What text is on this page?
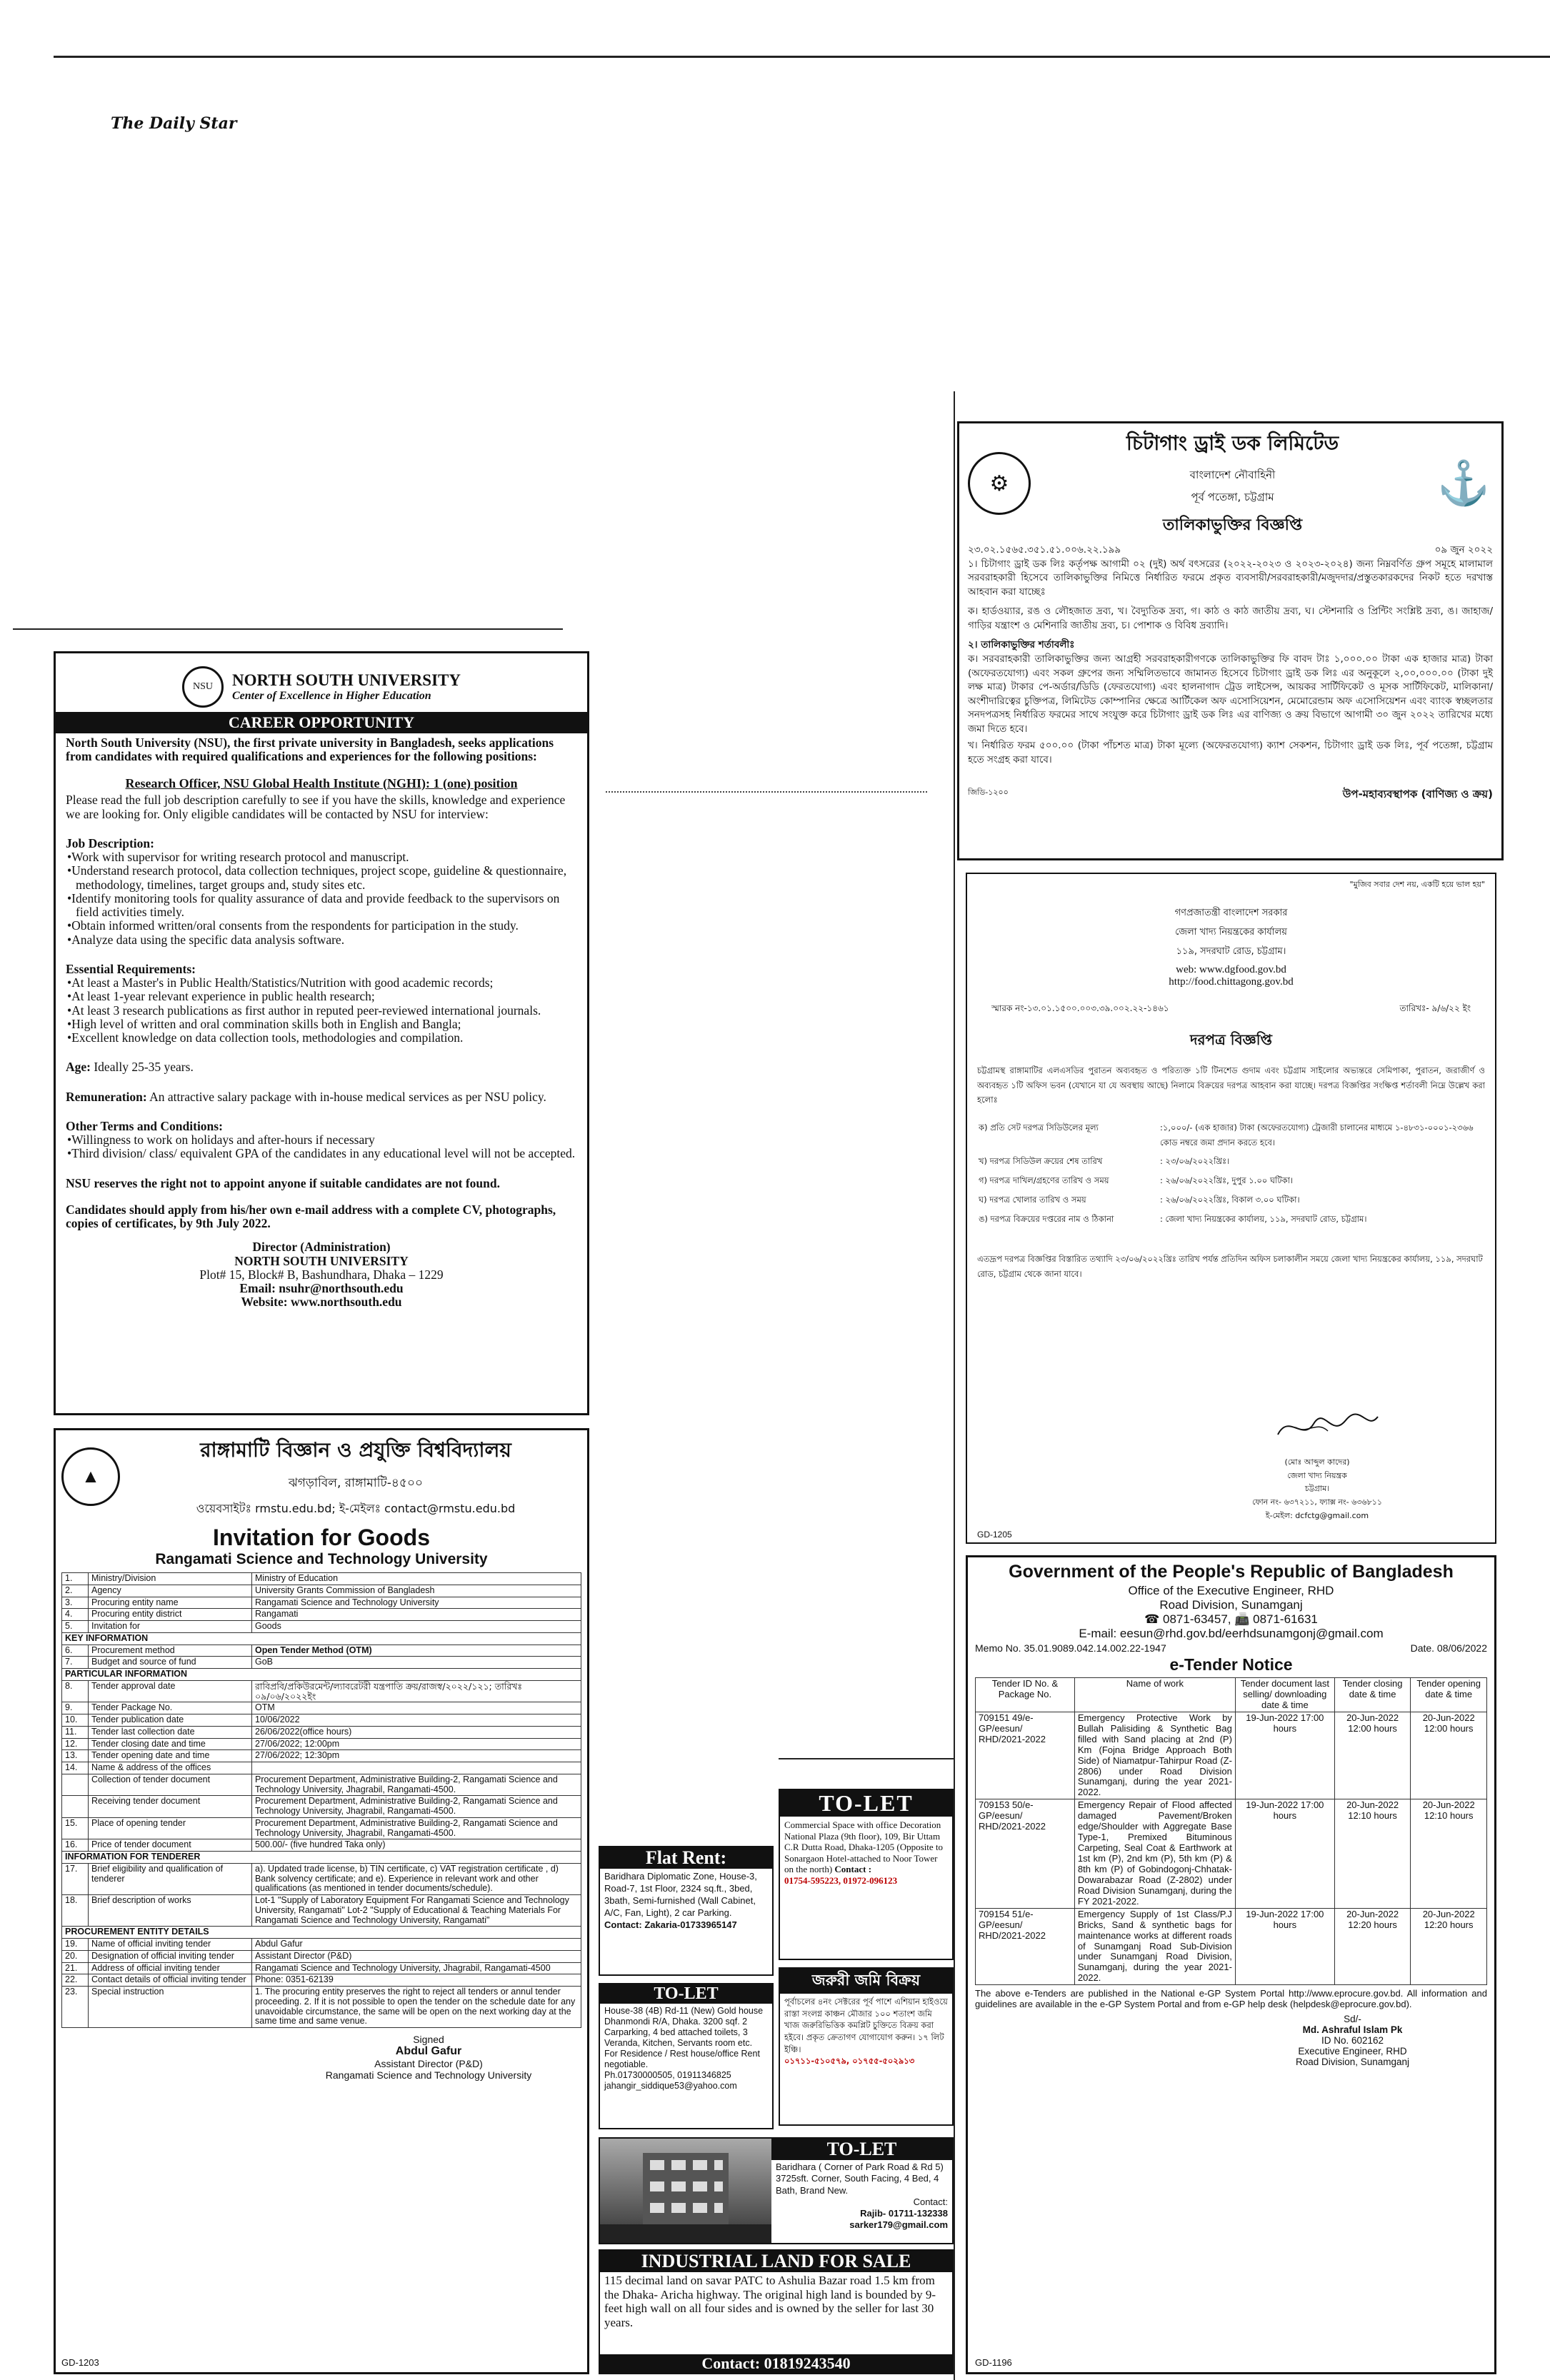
The Daily Star
NSU	NORTH SOUTH UNIVERSITY
Center of Excellence in Higher Education
CAREER OPPORTUNITY

North South University (NSU), the first private university in Bangladesh, seeks applications from candidates with required qualifications and experiences for the following positions:

Research Officer, NSU Global Health Institute (NGHI): 1 (one) position

Please read the full job description carefully to see if you have the skills, knowledge and experience we are looking for. Only eligible candidates will be contacted by NSU for interview:

Job Description:

•Work with supervisor for writing research protocol and manuscript.

•Understand research protocol, data collection techniques, project scope, guideline & questionnaire, methodology, timelines, target groups and, study sites etc.

•Identify monitoring tools for quality assurance of data and provide feedback to the supervisors on field activities timely.

•Obtain informed written/oral consents from the respondents for participation in the study.

•Analyze data using the specific data analysis software.

Essential Requirements:

•At least a Master's in Public Health/Statistics/Nutrition with good academic records;

•At least 1-year relevant experience in public health research;

•At least 3 research publications as first author in reputed peer-reviewed international journals.

•High level of written and oral commination skills both in English and Bangla;

•Excellent knowledge on data collection tools, methodologies and compilation.

Age: Ideally 25-35 years.

Remuneration: An attractive salary package with in-house medical services as per NSU policy.

Other Terms and Conditions:

•Willingness to work on holidays and after-hours if necessary

•Third division/ class/ equivalent GPA of the candidates in any educational level will not be accepted.

NSU reserves the right not to appoint anyone if suitable candidates are not found.

Candidates should apply from his/her own e-mail address with a complete CV, photographs, copies of certificates, by 9th July 2022.

Director (Administration)

NORTH SOUTH UNIVERSITY

Plot# 15, Block# B, Bashundhara, Dhaka – 1229

Email: nsuhr@northsouth.edu

Website: www.northsouth.edu

▲
রাঙ্গামাটি বিজ্ঞান ও প্রযুক্তি বিশ্ববিদ্যালয়
ঝগড়াবিল, রাঙ্গামাটি-৪৫০০
ওয়েবসাইটঃ rmstu.edu.bd; ই-মেইলঃ contact@rmstu.edu.bd
Invitation for Goods
Rangamati Science and Technology University
1.	Ministry/Division	Ministry of Education
2.	Agency	University Grants Commission of Bangladesh
3.	Procuring entity name	Rangamati Science and Technology University
4.	Procuring entity district	Rangamati
5.	Invitation for	Goods
KEY INFORMATION		
6.	Procurement method	Open Tender Method (OTM)
7.	Budget and source of fund	GoB
PARTICULAR INFORMATION		
8.	Tender approval date	রাবিপ্রবি/প্রকিউরমেন্ট/ল্যাবরেটরী যন্ত্রপাতি ক্রয়/রাজস্ব/২০২২/১২১; তারিখঃ ০৯/০৬/২০২২ইং
9.	Tender Package No.	OTM
10.	Tender publication date	10/06/2022
11.	Tender last collection date	26/06/2022(office hours)
12.	Tender closing date and time	27/06/2022; 12:00pm
13.	Tender opening date and time	27/06/2022; 12:30pm
14.	Name & address of the offices	
	Collection of tender document	Procurement Department, Administrative Building-2, Rangamati Science and Technology University, Jhagrabil, Rangamati-4500.
	Receiving tender document	Procurement Department, Administrative Building-2, Rangamati Science and Technology University, Jhagrabil, Rangamati-4500.
15.	Place of opening tender	Procurement Department, Administrative Building-2, Rangamati Science and Technology University, Jhagrabil, Rangamati-4500.
16.	Price of tender document	500.00/- (five hundred Taka only)
INFORMATION FOR TENDERER		
17.	Brief eligibility and qualification of tenderer	a). Updated trade license, b) TIN certificate, c) VAT registration certificate , d) Bank solvency certificate; and e). Experience in relevant work and other qualifications (as mentioned in tender documents/schedule).
18.	Brief description of works	Lot-1 "Supply of Laboratory Equipment For Rangamati Science and Technology University, Rangamati" Lot-2 "Supply of Educational & Teaching Materials For Rangamati Science and Technology University, Rangamati"
PROCUREMENT ENTITY DETAILS		
19.	Name of official inviting tender	Abdul Gafur
20.	Designation of official inviting tender	Assistant Director (P&D)
21.	Address of official inviting tender	Rangamati Science and Technology University, Jhagrabil, Rangamati-4500
22.	Contact details of official inviting tender	Phone: 0351-62139
23.	Special instruction	1. The procuring entity preserves the right to reject all tenders or annul tender proceeding. 2. If it is not possible to open the tender on the schedule date for any unavoidable circumstance, the same will be open on the next working day at the same time and same venue.

Signed

Abdul Gafur

Assistant Director (P&D)

Rangamati Science and Technology University

GD-1203
⚙
চিটাগাং ড্রাই ডক লিমিটেড
বাংলাদেশ নৌবাহিনী
পূর্ব পতেঙ্গা, চট্টগ্রাম
তালিকাভুক্তির বিজ্ঞপ্তি
⚓
২৩.০২.১৫৬৫.৩৫১.৫১.০০৬.২২.১৯৯	০৯ জুন ২০২২

১। চিটাগাং ড্রাই ডক লিঃ কর্তৃপক্ষ আগামী ০২ (দুই) অর্থ বৎসরের (২০২২-২০২৩ ও ২০২৩-২০২৪) জন্য নিম্নবর্ণিত গ্রুপ সমূহে মালামাল সরবরাহকারী হিসেবে তালিকাভুক্তির নিমিত্তে নির্ধারিত ফরমে প্রকৃত ব্যবসায়ী/সরবরাহকারী/মজুদদার/প্রস্তুতকারকদের নিকট হতে দরখাস্ত আহবান করা যাচ্ছেঃ

ক। হার্ডওয়্যার, রঙ ও লৌহজাত দ্রব্য, খ। বৈদ্যুতিক দ্রব্য, গ। কাঠ ও কাঠ জাতীয় দ্রব্য, ঘ। স্টেশনারি ও প্রিন্টিং সংশ্লিষ্ট দ্রব্য, ঙ। জাহাজ/গাড়ির যন্ত্রাংশ ও মেশিনারি জাতীয় দ্রব্য, চ। পোশাক ও বিবিধ দ্রব্যাদি।

২। তালিকাভুক্তির শর্তাবলীঃ

ক। সরবরাহকারী তালিকাভুক্তির জন্য আগ্রহী সরবরাহকারীগণকে তালিকাভুক্তির ফি বাবদ টাঃ ১,০০০.০০ টাকা এক হাজার মাত্র) টাকা (অফেরতযোগ্য) এবং সকল গ্রুপের জন্য সম্মিলিতভাবে জামানত হিসেবে চিটাগাং ড্রাই ডক লিঃ এর অনুকূলে ২,০০,০০০.০০ (টাকা দুই লক্ষ মাত্র) টাকার পে-অর্ডার/ডিডি (ফেরতযোগ্য) এবং হালনাগাদ ট্রেড লাইসেন্স, আয়কর সার্টিফিকেট ও মূসক সার্টিফিকেট, মালিকানা/অংশীদারিত্বের চুক্তিপত্র, লিমিটেড কোম্পানির ক্ষেত্রে আর্টিকেল অফ এসোসিয়েশন, মেমোরেন্ডাম অফ এসোসিয়েশন এবং ব্যাংক স্বচ্ছলতার সনদপত্রসহ নির্ধারিত ফরমের সাথে সংযুক্ত করে চিটাগাং ড্রাই ডক লিঃ এর বাণিজ্য ও ক্রয় বিভাগে আগামী ৩০ জুন ২০২২ তারিখের মধ্যে জমা দিতে হবে।

খ। নির্ধারিত ফরম ৫০০.০০ (টাকা পাঁচশত মাত্র) টাকা মূল্যে (অফেরতযোগ্য) ক্যাশ সেকশন, চিটাগাং ড্রাই ডক লিঃ, পূর্ব পতেঙ্গা, চট্টগ্রাম হতে সংগ্রহ করা যাবে।

জিডি-১২০০	উপ-মহাব্যবস্থাপক (বাণিজ্য ও ক্রয়)
"মুজিব সবার দেশ নয়, একটি হয়ে ভাল হয়"
গণপ্রজাতন্ত্রী বাংলাদেশ সরকার
জেলা খাদ্য নিয়ন্ত্রকের কার্যালয়
১১৯, সদরঘাট রোড, চট্টগ্রাম।
web: www.dgfood.gov.bd
http://food.chittagong.gov.bd
স্মারক নং-১৩.০১.১৫০০.০০৩.৩৯.০০২.২২-১৪৬১	তারিখঃ- ৯/৬/২২ ইং
দরপত্র বিজ্ঞপ্তি

চট্টগ্রামস্থ রাঙ্গামাটির এলএসডির পুরাতন অব্যবহৃত ও পরিত্যক্ত ১টি টিনশেড গুদাম এবং চট্টগ্রাম সাইলোর অভ্যন্তরে সেমিপাকা, পুরাতন, জরাজীর্ণ ও অব্যবহৃত ১টি অফিস ভবন (যেখানে যা যে অবস্থায় আছে) নিলামে বিক্রয়ের দরপত্র আহবান করা যাচ্ছে। দরপত্র বিজ্ঞপ্তির সংক্ষিপ্ত শর্তাবলী নিম্নে উল্লেখ করা হলোঃ

ক) প্রতি সেট দরপত্র সিডিউলের মূল্য	:১,০০০/- (এক হাজার) টাকা (অফেরতযোগ্য) ট্রেজারী চালানের মাধ্যমে ১-৪৮৩১-০০০১-২৩৬৬ কোড নম্বরে জমা প্রদান করতে হবে।
খ) দরপত্র সিডিউল ক্রয়ের শেষ তারিখ	: ২৩/০৬/২০২২খ্রিঃ।
গ) দরপত্র দাখিল/গ্রহণের তারিখ ও সময়	: ২৬/০৬/২০২২খ্রিঃ, দুপুর ১.০০ ঘটিকা।
ঘ) দরপত্র খোলার তারিখ ও সময়	: ২৬/০৬/২০২২খ্রিঃ, বিকাল ৩.০০ ঘটিকা।
ঙ) দরপত্র বিক্রয়ের দপ্তরের নাম ও ঠিকানা	: জেলা খাদ্য নিয়ন্ত্রকের কার্যালয়, ১১৯, সদরঘাট রোড, চট্টগ্রাম।

এতদ্রূপ দরপত্র বিজ্ঞপ্তির বিস্তারিত তথ্যাদি ২৩/০৬/২০২২খ্রিঃ তারিখ পর্যন্ত প্রতিদিন অফিস চলাকালীন সময়ে জেলা খাদ্য নিয়ন্ত্রকের কার্যালয়, ১১৯, সদরঘাট রোড, চট্টগ্রাম থেকে জানা যাবে।

(মোঃ আব্দুল কাদের)

জেলা খাদ্য নিয়ন্ত্রক

চট্টগ্রাম।

ফোন নং- ৬৩৭২১১, ফ্যাক্স নং- ৬৩৬৮১১

ই-মেইল: dcfctg@gmail.com

GD-1205
Government of the People's Republic of Bangladesh
Office of the Executive Engineer, RHD
Road Division, Sunamganj
☎ 0871-63457, 📠 0871-61631
E-mail: eesun@rhd.gov.bd/eerhdsunamgonj@gmail.com
Memo No. 35.01.9089.042.14.002.22-1947	Date. 08/06/2022
e-Tender Notice
Tender ID No. & Package No.	Name of work	Tender document last selling/ downloading date & time	Tender closing date & time	Tender opening date & time
709151 49/e-GP/eesun/ RHD/2021-2022	Emergency Protective Work by Bullah Palisiding & Synthetic Bag filled with Sand placing at 2nd (P) Km (Fojna Bridge Approach Both Side) of Niamatpur-Tahirpur Road (Z-2806) under Road Division Sunamganj, during the year 2021-2022.	19-Jun-2022 17:00 hours	20-Jun-2022 12:00 hours	20-Jun-2022 12:00 hours
709153 50/e-GP/eesun/ RHD/2021-2022	Emergency Repair of Flood affected damaged Pavement/Broken edge/Shoulder with Aggregate Base Type-1, Premixed Bituminous Carpeting, Seal Coat & Earthwork at 1st km (P), 2nd km (P), 5th km (P) & 8th km (P) of Gobindogonj-Chhatak-Dowarabazar Road (Z-2802) under Road Division Sunamganj, during the FY 2021-2022.	19-Jun-2022 17:00 hours	20-Jun-2022 12:10 hours	20-Jun-2022 12:10 hours
709154 51/e-GP/eesun/ RHD/2021-2022	Emergency Supply of 1st Class/P.J Bricks, Sand & synthetic bags for maintenance works at different roads of Sunamganj Road Sub-Division under Sunamganj Road Division, Sunamganj, during the year 2021-2022.	19-Jun-2022 17:00 hours	20-Jun-2022 12:20 hours	20-Jun-2022 12:20 hours

The above e-Tenders are published in the National e-GP System Portal http://www.eprocure.gov.bd. All information and guidelines are available in the e-GP System Portal and from e-GP help desk (helpdesk@eprocure.gov.bd).

Sd/-

Md. Ashraful Islam Pk

ID No. 602162

Executive Engineer, RHD

Road Division, Sunamganj

GD-1196
TO-LET
Commercial Space with office Decoration National Plaza (9th floor), 109, Bir Uttam C.R Dutta Road, Dhaka-1205 (Opposite to Sonargaon Hotel-attached to Noor Tower on the north) Contact :
01754-595223, 01972-096123
Flat Rent:

Baridhara Diplomatic Zone, House-3, Road-7, 1st Floor, 2324 sq.ft., 3bed, 3bath, Semi-furnished (Wall Cabinet, A/C, Fan, Light), 2 car Parking.

Contact: Zakaria-01733965147

জরুরী জমি বিক্রয়

পূর্বাচলের ৪নং সেক্টরের পূর্ব পাশে এশিয়ান হাইওয়ে রাস্তা সংলগ্ন কাঞ্চন মৌজার ১০০ শতাংশ জমি খাজ জরুরিভিত্তিক কমপ্লিট চুক্তিতে বিক্রয় করা হইবে। প্রকৃত ক্রেতাগণ যোগাযোগ করুন। ১৭ লিট ইঞ্চি।

০১৭১১-৫১০৫৭৯, ০১৭৫৫-৫০২৯১৩

TO-LET

House-38 (4B) Rd-11 (New) Gold house Dhanmondi R/A, Dhaka. 3200 sqf. 2 Carparking, 4 bed attached toilets, 3 Veranda, Kitchen, Servants room etc. For Residence / Rest house/office Rent negotiable.

Ph.01730000505, 01911346825 jahangir_siddique53@yahoo.com

TO-LET

Baridhara ( Corner of Park Road & Rd 5) 3725sft. Corner, South Facing, 4 Bed, 4 Bath, Brand New.

Contact:

Rajib- 01711-132338 sarker179@gmail.com

INDUSTRIAL LAND FOR SALE

115 decimal land on savar PATC to Ashulia Bazar road 1.5 km from the Dhaka- Aricha highway. The original high land is bounded by 9-feet high wall on all four sides and is owned by the seller for last 30 years.

Contact: 01819243540
